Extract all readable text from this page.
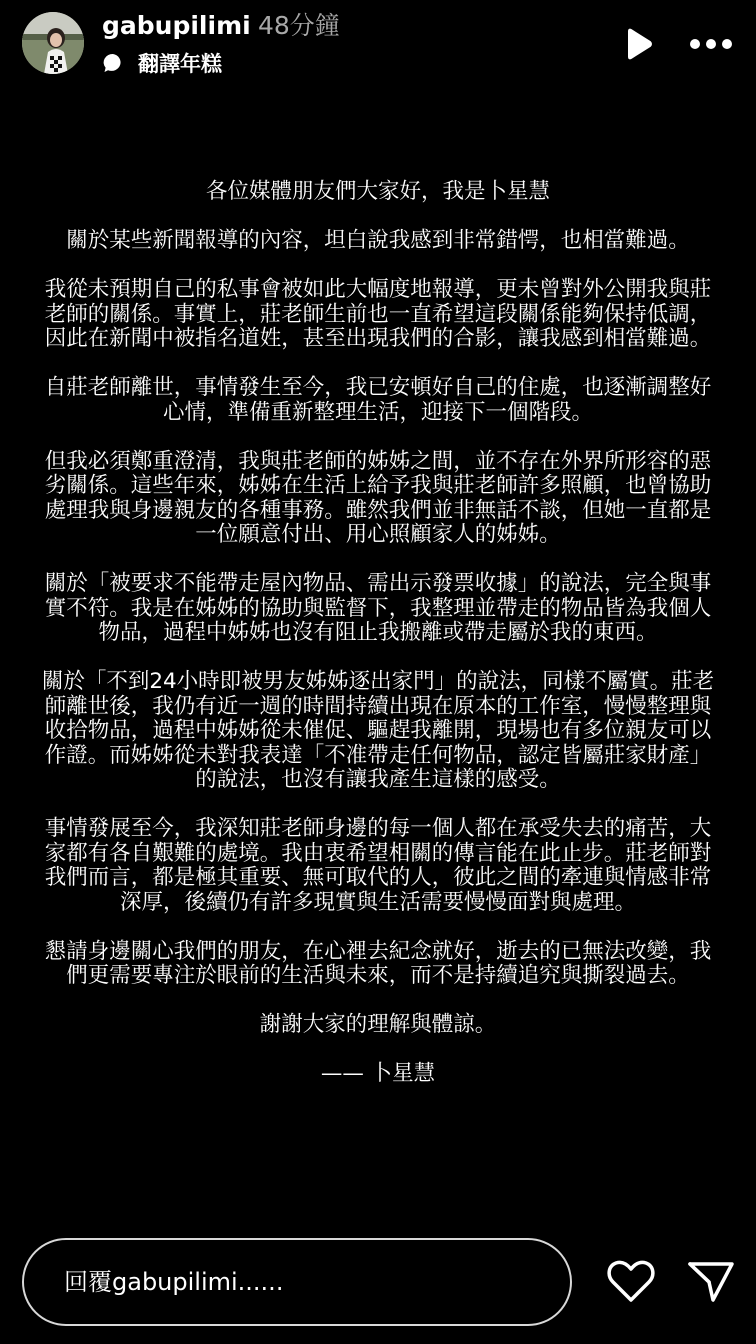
gabupilimi 48分鐘
翻譯年糕

各位媒體朋友們大家好，我是卜星慧

關於某些新聞報導的內容，坦白說我感到非常錯愕，也相當難過。

我從未預期自己的私事會被如此大幅度地報導，更未曾對外公開我與莊
老師的關係。事實上，莊老師生前也一直希望這段關係能夠保持低調，
因此在新聞中被指名道姓，甚至出現我們的合影，讓我感到相當難過。

自莊老師離世，事情發生至今，我已安頓好自己的住處，也逐漸調整好
心情，準備重新整理生活，迎接下一個階段。

但我必須鄭重澄清，我與莊老師的姊姊之間，並不存在外界所形容的惡
劣關係。這些年來，姊姊在生活上給予我與莊老師許多照顧，也曾協助
處理我與身邊親友的各種事務。雖然我們並非無話不談，但她一直都是
一位願意付出、用心照顧家人的姊姊。

關於「被要求不能帶走屋內物品、需出示發票收據」的說法，完全與事
實不符。我是在姊姊的協助與監督下，我整理並帶走的物品皆為我個人
物品，過程中姊姊也沒有阻止我搬離或帶走屬於我的東西。

關於「不到24小時即被男友姊姊逐出家門」的說法，同樣不屬實。莊老
師離世後，我仍有近一週的時間持續出現在原本的工作室，慢慢整理與
收拾物品，過程中姊姊從未催促、驅趕我離開，現場也有多位親友可以
作證。而姊姊從未對我表達「不准帶走任何物品，認定皆屬莊家財產」
的說法，也沒有讓我產生這樣的感受。

事情發展至今，我深知莊老師身邊的每一個人都在承受失去的痛苦，大
家都有各自艱難的處境。我由衷希望相關的傳言能在此止步。莊老師對
我們而言，都是極其重要、無可取代的人，彼此之間的牽連與情感非常
深厚，後續仍有許多現實與生活需要慢慢面對與處理。

懇請身邊關心我們的朋友，在心裡去紀念就好，逝去的已無法改變，我
們更需要專注於眼前的生活與未來，而不是持續追究與撕裂過去。

謝謝大家的理解與體諒。

—— 卜星慧

回覆gabupilimi......
